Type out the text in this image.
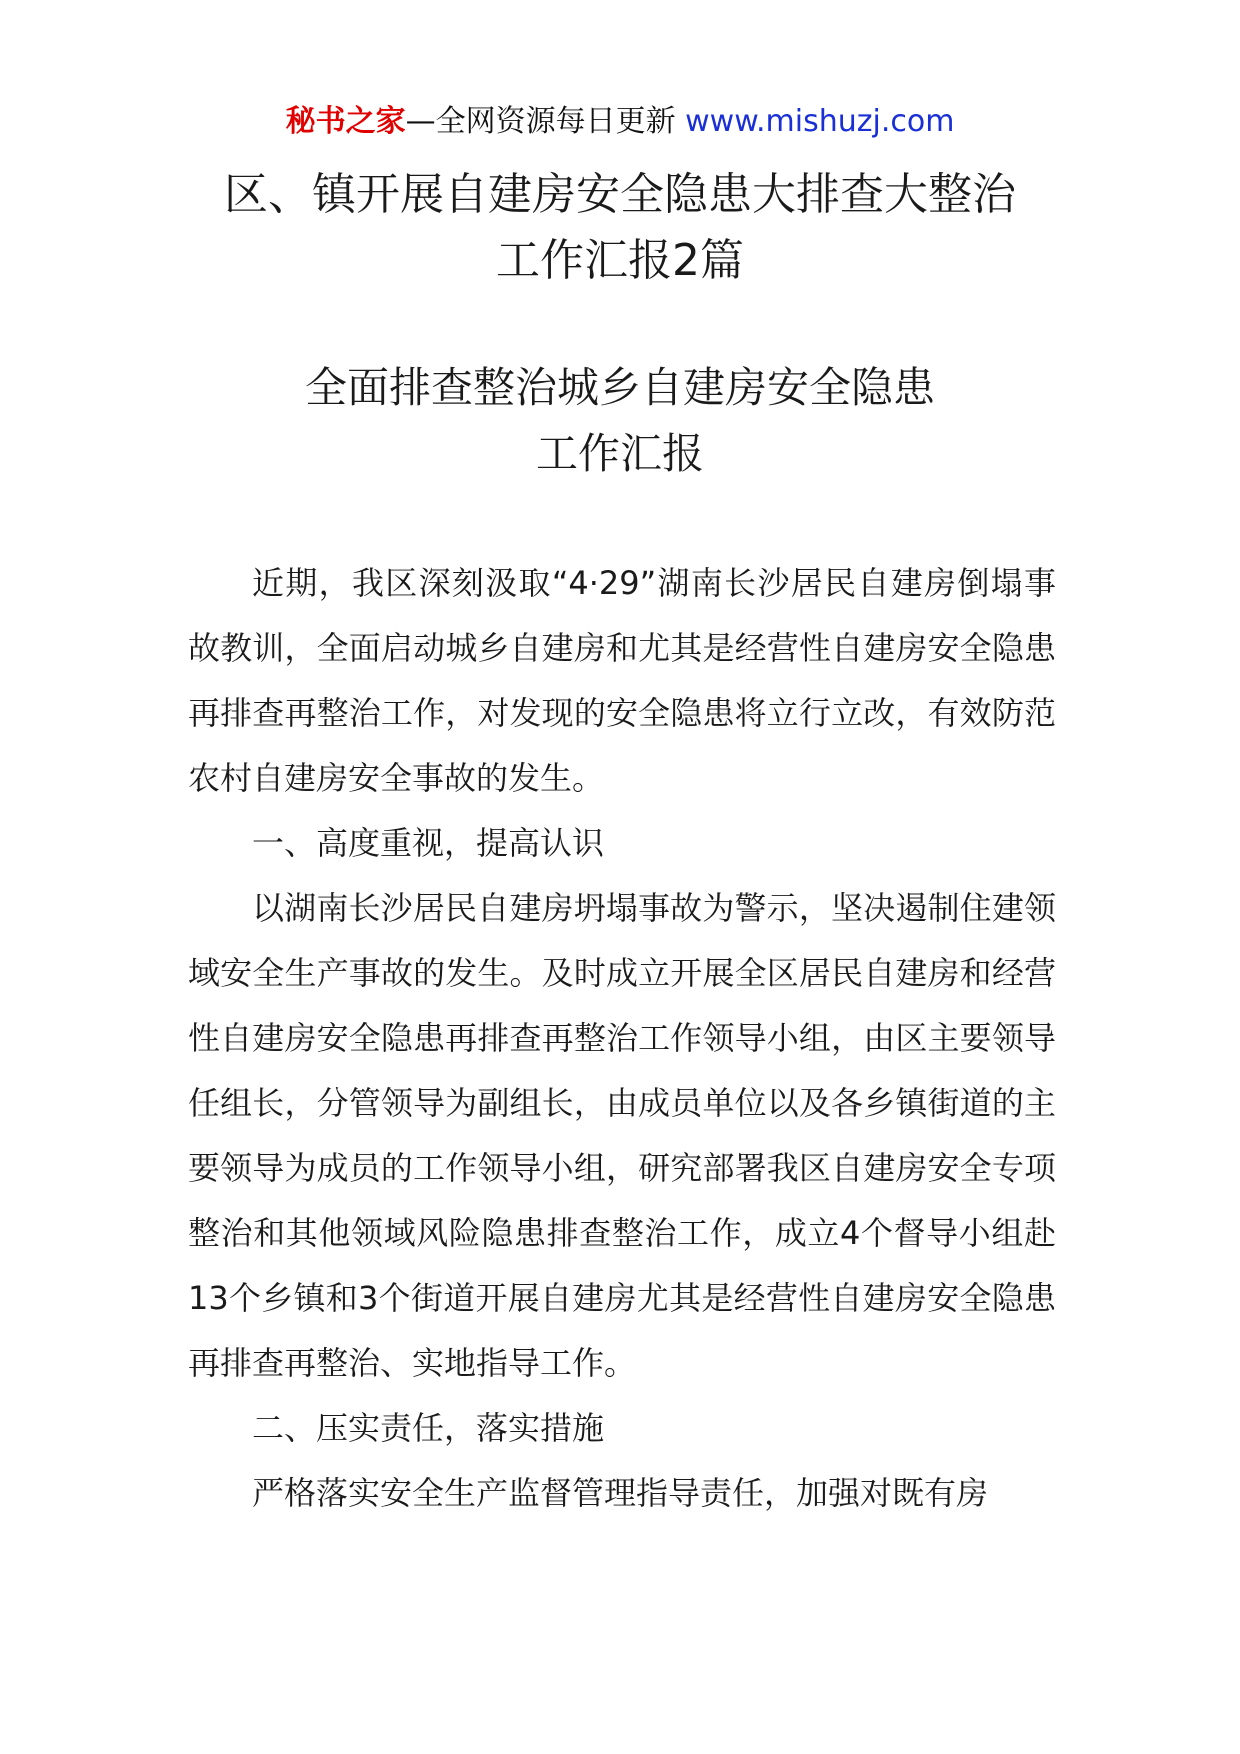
秘书之家—全网资源每日更新 www.mishuzj.com
区、镇开展自建房安全隐患大排查大整治
工作汇报2篇
全面排查整治城乡自建房安全隐患
工作汇报

近期，我区深刻汲取“4·29”湖南长沙居民自建房倒塌事故教训，全面启动城乡自建房和尤其是经营性自建房安全隐患再排查再整治工作，对发现的安全隐患将立行立改，有效防范农村自建房安全事故的发生。

一、高度重视，提高认识

以湖南长沙居民自建房坍塌事故为警示，坚决遏制住建领域安全生产事故的发生。及时成立开展全区居民自建房和经营性自建房安全隐患再排查再整治工作领导小组，由区主要领导任组长，分管领导为副组长，由成员单位以及各乡镇街道的主要领导为成员的工作领导小组，研究部署我区自建房安全专项整治和其他领域风险隐患排查整治工作，成立4个督导小组赴13个乡镇和3个街道开展自建房尤其是经营性自建房安全隐患再排查再整治、实地指导工作。

二、压实责任，落实措施

严格落实安全生产监督管理指导责任，加强对既有房
